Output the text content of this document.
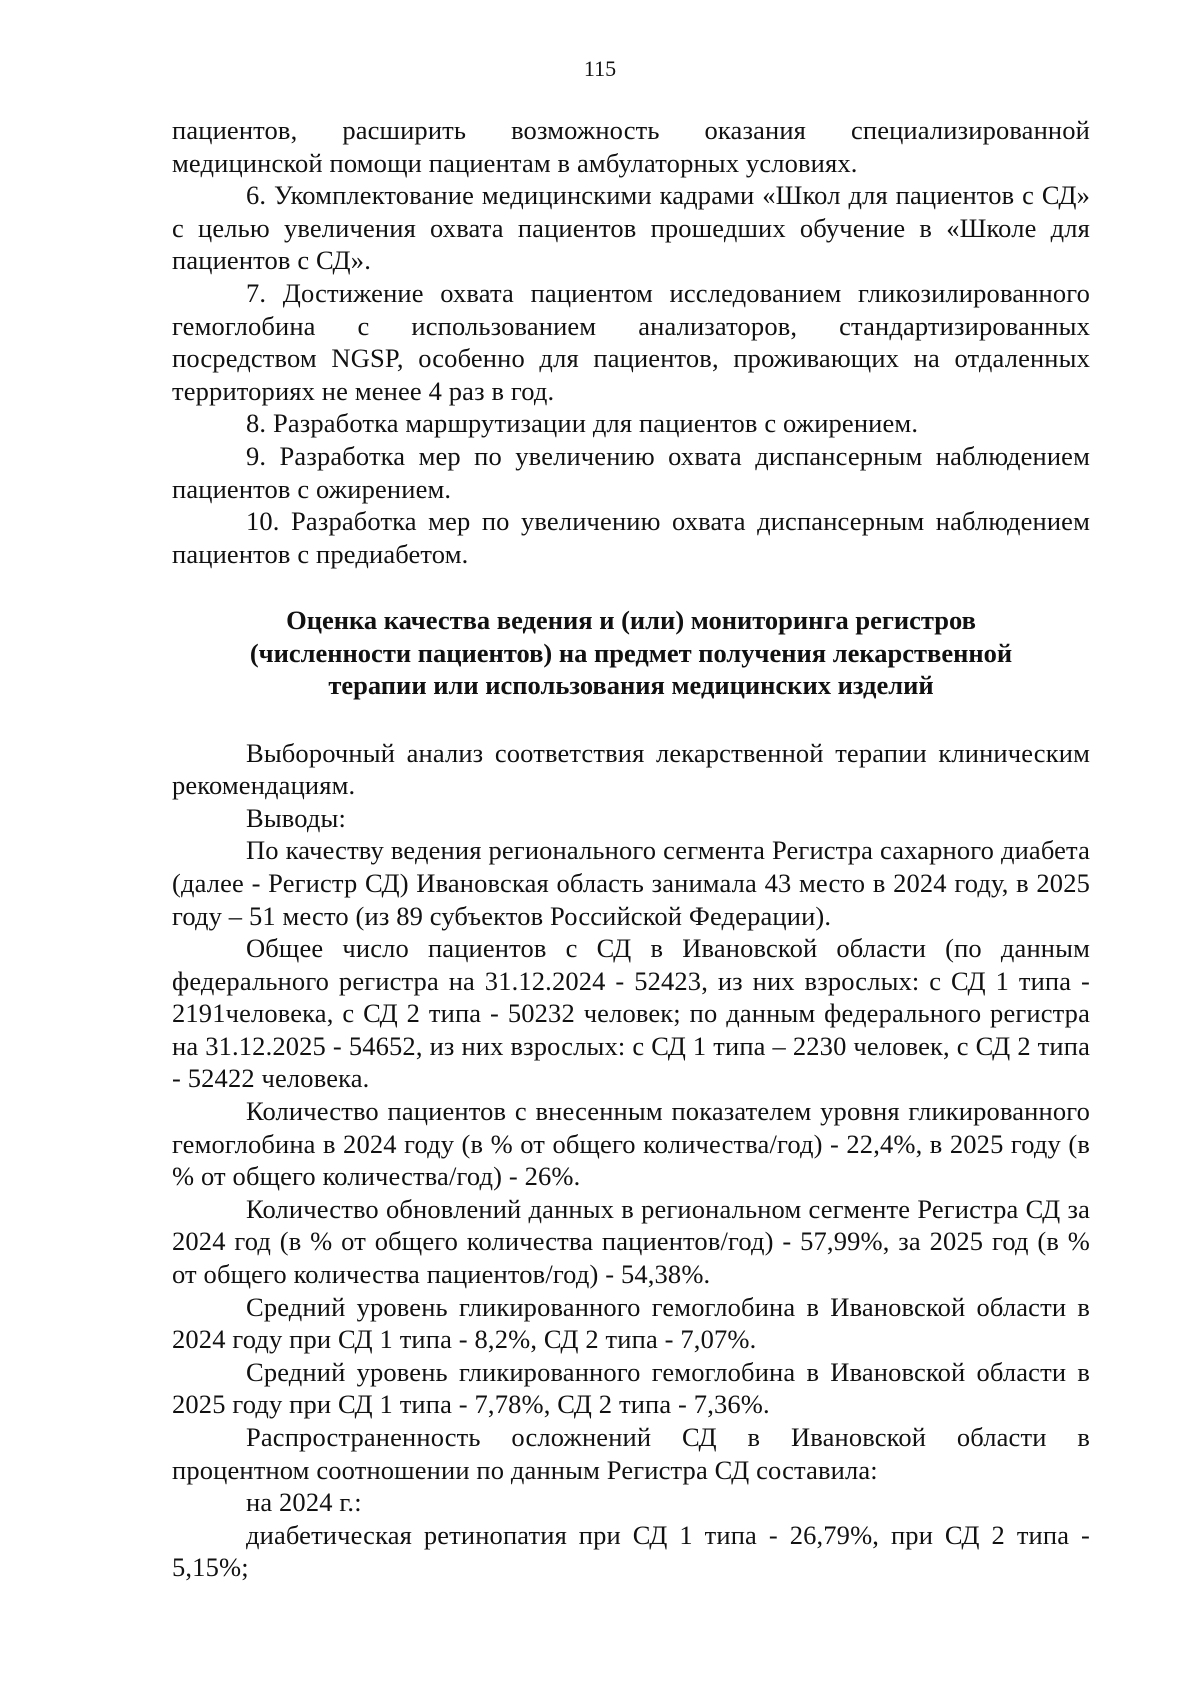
115

пациентов, расширить возможность оказания специализированной медицинской помощи пациентам в амбулаторных условиях.

6. Укомплектование медицинскими кадрами «Школ для пациентов с СД» с целью увеличения охвата пациентов прошедших обучение в «Школе для пациентов с СД».

7. Достижение охвата пациентом исследованием гликозилированного гемоглобина с использованием анализаторов, стандартизированных посредством NGSP, особенно для пациентов, проживающих на отдаленных территориях не менее 4 раз в год.

8. Разработка маршрутизации для пациентов с ожирением.

9. Разработка мер по увеличению охвата диспансерным наблюдением пациентов с ожирением.

10. Разработка мер по увеличению охвата диспансерным наблюдением пациентов с предиабетом.

Оценка качества ведения и (или) мониторинга регистров
(численности пациентов) на предмет получения лекарственной
терапии или использования медицинских изделий

Выборочный анализ соответствия лекарственной терапии клиническим рекомендациям.

Выводы:

По качеству ведения регионального сегмента Регистра сахарного диабета (далее - Регистр СД) Ивановская область занимала 43 место в 2024 году, в 2025 году – 51 место (из 89 субъектов Российской Федерации).

Общее число пациентов с СД в Ивановской области (по данным федерального регистра на 31.12.2024 - 52423, из них взрослых: с СД 1 типа - 2191человека, с СД 2 типа - 50232 человек; по данным федерального регистра на 31.12.2025 - 54652, из них взрослых: с СД 1 типа – 2230 человек, с СД 2 типа - 52422 человека.

Количество пациентов с внесенным показателем уровня гликированного гемоглобина в 2024 году (в % от общего количества/год) - 22,4%, в 2025 году (в % от общего количества/год) - 26%.

Количество обновлений данных в региональном сегменте Регистра СД за 2024 год (в % от общего количества пациентов/год) - 57,99%, за 2025 год (в % от общего количества пациентов/год) - 54,38%.

Средний уровень гликированного гемоглобина в Ивановской области в 2024 году при СД 1 типа - 8,2%, СД 2 типа - 7,07%.

Средний уровень гликированного гемоглобина в Ивановской области в 2025 году при СД 1 типа - 7,78%, СД 2 типа - 7,36%.

Распространенность осложнений СД в Ивановской области в процентном соотношении по данным Регистра СД составила:

на 2024 г.:

диабетическая ретинопатия при СД 1 типа - 26,79%, при СД 2 типа - 5,15%;
